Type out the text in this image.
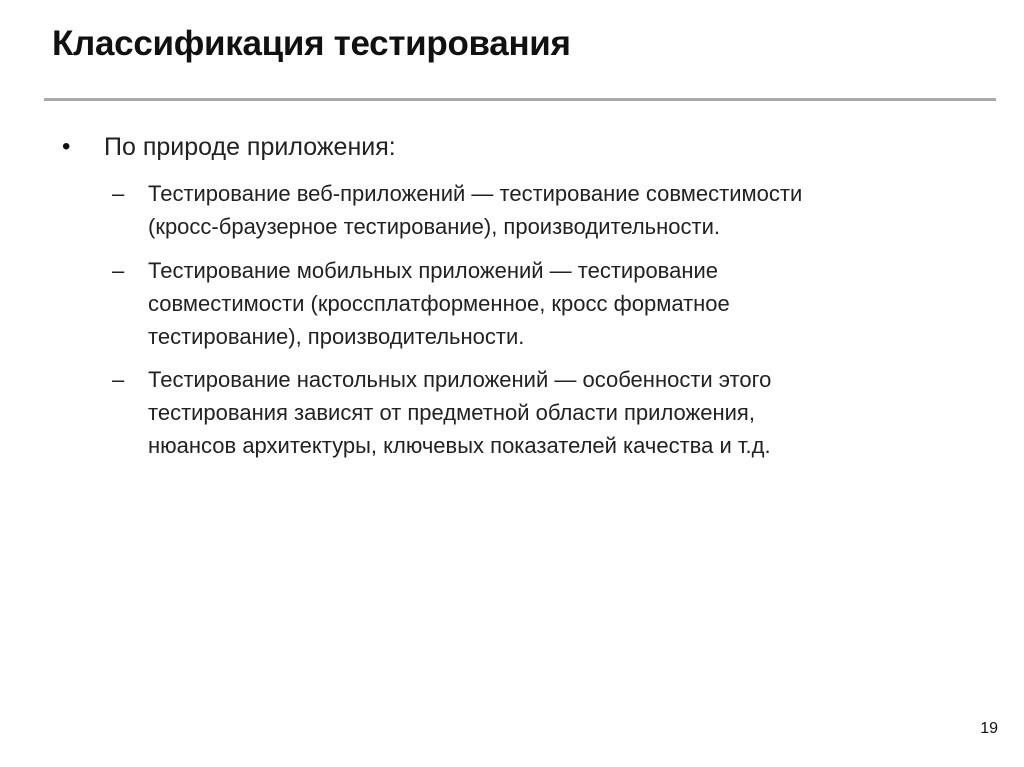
Классификация тестирования
•	По природе приложения:
–	Тестирование веб-приложений — тестирование совместимости
(кросс-браузерное тестирование), производительности.
–	Тестирование мобильных приложений — тестирование
совместимости (кроссплатформенное, кросс форматное
тестирование), производительности.
–	Тестирование настольных приложений — особенности этого
тестирования зависят от предметной области приложения,
нюансов архитектуры, ключевых показателей качества и т.д.
19
